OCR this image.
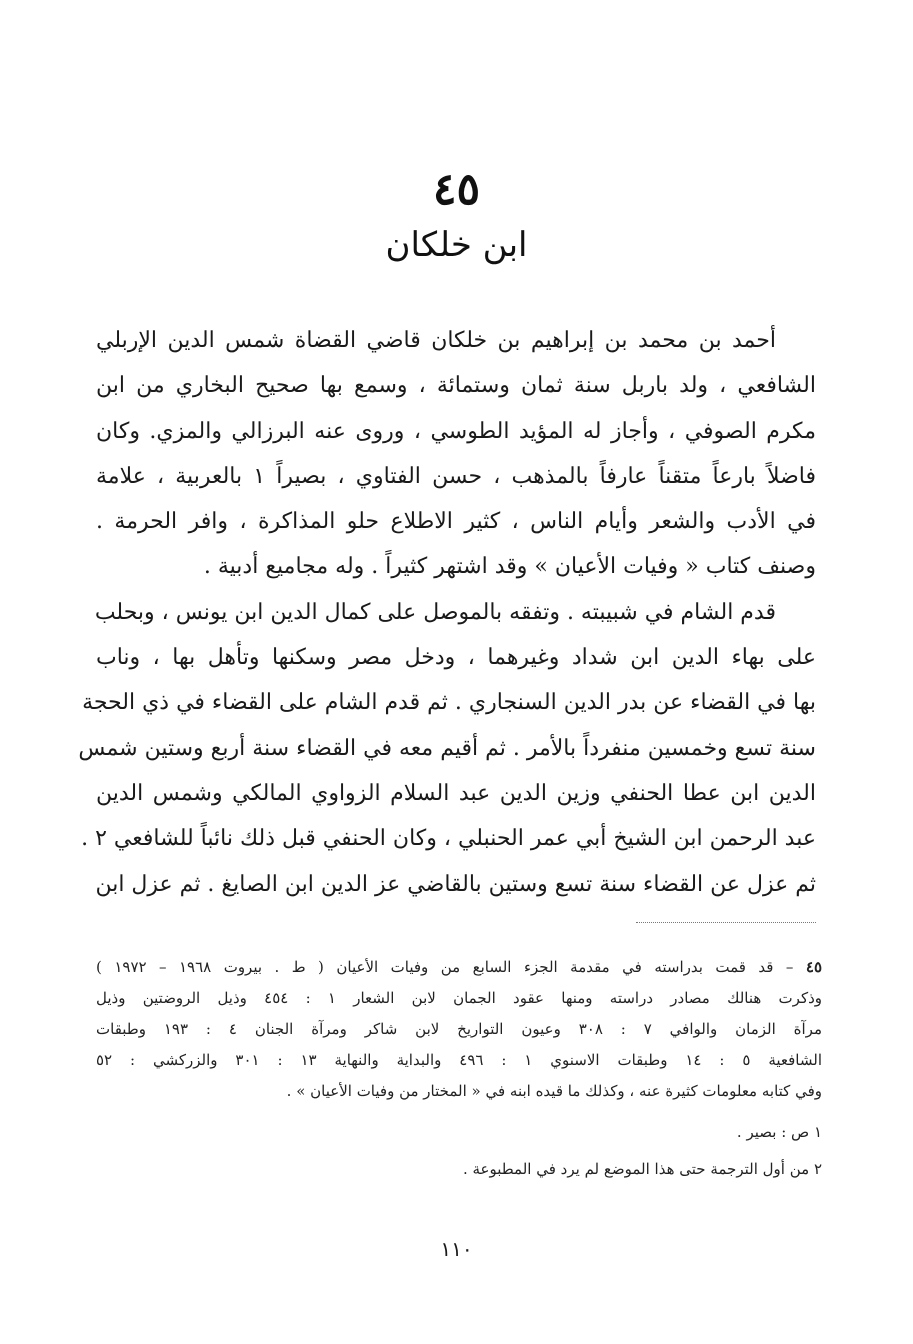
٤٥
ابن خلكان
أحمد بن محمد بن إبراهيم بن خلكان قاضي القضاة شمس الدين الإربلي
الشافعي ، ولد باربل سنة ثمان وستمائة ، وسمع بها صحيح البخاري من ابن
مكرم الصوفي ، وأجاز له المؤيد الطوسي ، وروى عنه البرزالي والمزي. وكان
فاضلاً بارعاً متقناً عارفاً بالمذهب ، حسن الفتاوي ، بصيراً ١ بالعربية ، علامة
في الأدب والشعر وأيام الناس ، كثير الاطلاع حلو المذاكرة ، وافر الحرمة .
وصنف كتاب « وفيات الأعيان » وقد اشتهر كثيراً . وله مجاميع أدبية .
قدم الشام في شبيبته . وتفقه بالموصل على كمال الدين ابن يونس ، وبحلب
على بهاء الدين ابن شداد وغيرهما ، ودخل مصر وسكنها وتأهل بها ، وناب
بها في القضاء عن بدر الدين السنجاري . ثم قدم الشام على القضاء في ذي الحجة
سنة تسع وخمسين منفرداً بالأمر . ثم أقيم معه في القضاء سنة أربع وستين شمس
الدين ابن عطا الحنفي وزين الدين عبد السلام الزواوي المالكي وشمس الدين
عبد الرحمن ابن الشيخ أبي عمر الحنبلي ، وكان الحنفي قبل ذلك نائباً للشافعي ٢ .
ثم عزل عن القضاء سنة تسع وستين بالقاضي عز الدين ابن الصايغ . ثم عزل ابن
٤٥ – قد قمت بدراسته في مقدمة الجزء السابع من وفيات الأعيان ( ط . بيروت ١٩٦٨ – ١٩٧٢ )
وذكرت هنالك مصادر دراسته ومنها عقود الجمان لابن الشعار ١ : ٤٥٤ وذيل الروضتين وذيل
مرآة الزمان والوافي ٧ : ٣٠٨ وعيون التواريخ لابن شاكر ومرآة الجنان ٤ : ١٩٣ وطبقات
الشافعية ٥ : ١٤ وطبقات الاسنوي ١ : ٤٩٦ والبداية والنهاية ١٣ : ٣٠١ والزركشي : ٥٢
وفي كتابه معلومات كثيرة عنه ، وكذلك ما قيده ابنه في « المختار من وفيات الأعيان » .
١ ص : بصير .
٢ من أول الترجمة حتى هذا الموضع لم يرد في المطبوعة .
١١٠
